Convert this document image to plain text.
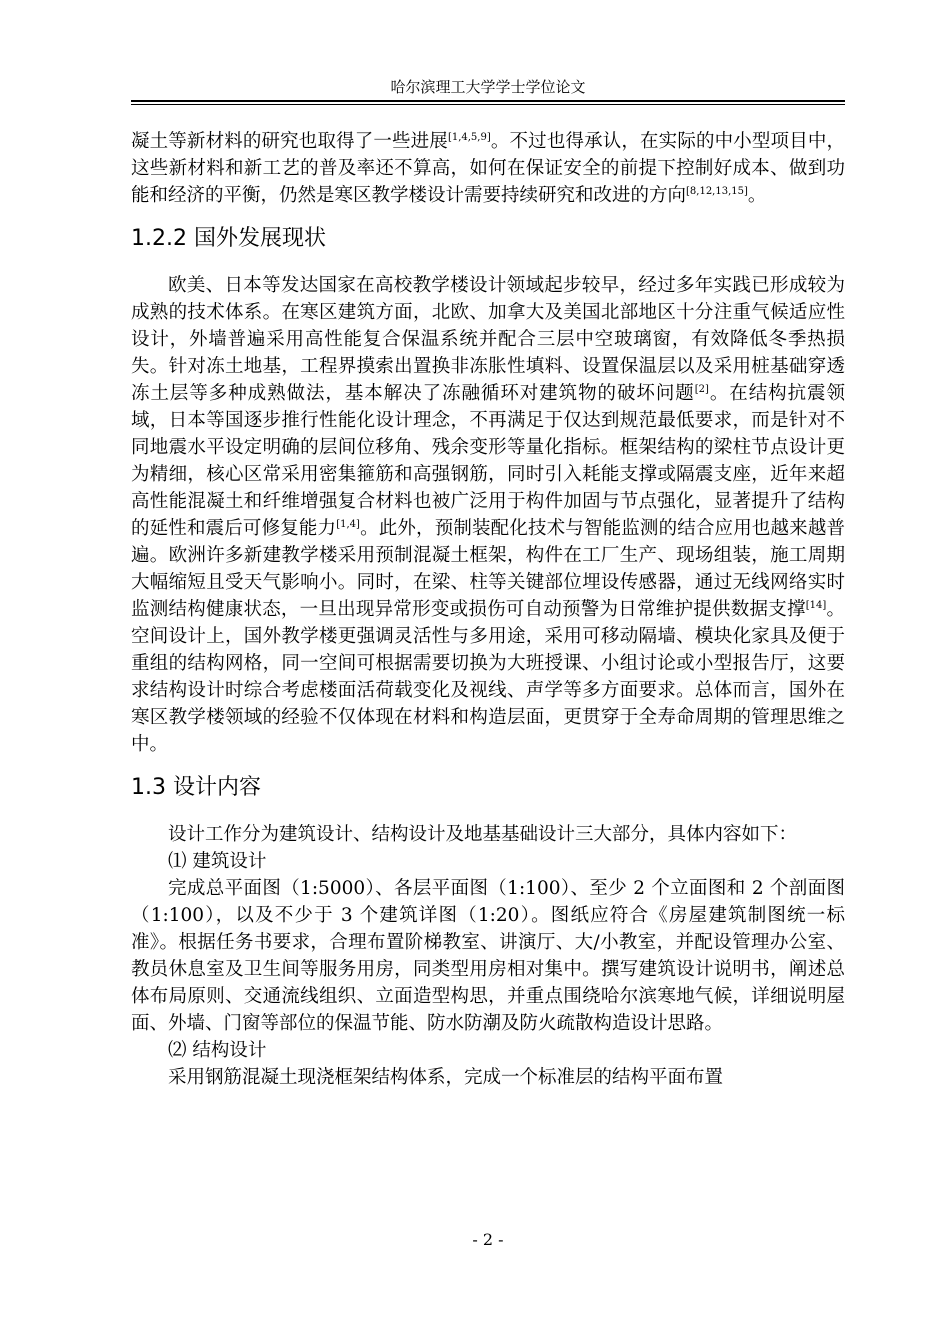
哈尔滨理工大学学士学位论文

凝土等新材料的研究也取得了一些进展[1,4,5,9]。不过也得承认，在实际的中小型项目中，这些新材料和新工艺的普及率还不算高，如何在保证安全的前提下控制好成本、做到功能和经济的平衡，仍然是寒区教学楼设计需要持续研究和改进的方向[8,12,13,15]。

1.2.2 国外发展现状

欧美、日本等发达国家在高校教学楼设计领域起步较早，经过多年实践已形成较为成熟的技术体系。在寒区建筑方面，北欧、加拿大及美国北部地区十分注重气候适应性设计，外墙普遍采用高性能复合保温系统并配合三层中空玻璃窗，有效降低冬季热损失。针对冻土地基，工程界摸索出置换非冻胀性填料、设置保温层以及采用桩基础穿透冻土层等多种成熟做法，基本解决了冻融循环对建筑物的破坏问题[2]。在结构抗震领域，日本等国逐步推行性能化设计理念，不再满足于仅达到规范最低要求，而是针对不同地震水平设定明确的层间位移角、残余变形等量化指标。框架结构的梁柱节点设计更为精细，核心区常采用密集箍筋和高强钢筋，同时引入耗能支撑或隔震支座，近年来超高性能混凝土和纤维增强复合材料也被广泛用于构件加固与节点强化，显著提升了结构的延性和震后可修复能力[1,4]。此外，预制装配化技术与智能监测的结合应用也越来越普遍。欧洲许多新建教学楼采用预制混凝土框架，构件在工厂生产、现场组装，施工周期大幅缩短且受天气影响小。同时，在梁、柱等关键部位埋设传感器，通过无线网络实时监测结构健康状态，一旦出现异常形变或损伤可自动预警为日常维护提供数据支撑[14]。空间设计上，国外教学楼更强调灵活性与多用途，采用可移动隔墙、模块化家具及便于重组的结构网格，同一空间可根据需要切换为大班授课、小组讨论或小型报告厅，这要求结构设计时综合考虑楼面活荷载变化及视线、声学等多方面要求。总体而言，国外在寒区教学楼领域的经验不仅体现在材料和构造层面，更贯穿于全寿命周期的管理思维之中。

1.3 设计内容

设计工作分为建筑设计、结构设计及地基基础设计三大部分，具体内容如下：

⑴ 建筑设计

完成总平面图（1:5000）、各层平面图（1:100）、至少 2 个立面图和 2 个剖面图（1:100），以及不少于 3 个建筑详图（1:20）。图纸应符合《房屋建筑制图统一标准》。根据任务书要求，合理布置阶梯教室、讲演厅、大/小教室，并配设管理办公室、教员休息室及卫生间等服务用房，同类型用房相对集中。撰写建筑设计说明书，阐述总体布局原则、交通流线组织、立面造型构思，并重点围绕哈尔滨寒地气候，详细说明屋面、外墙、门窗等部位的保温节能、防水防潮及防火疏散构造设计思路。

⑵ 结构设计

采用钢筋混凝土现浇框架结构体系，完成一个标准层的结构平面布置

- 2 -
